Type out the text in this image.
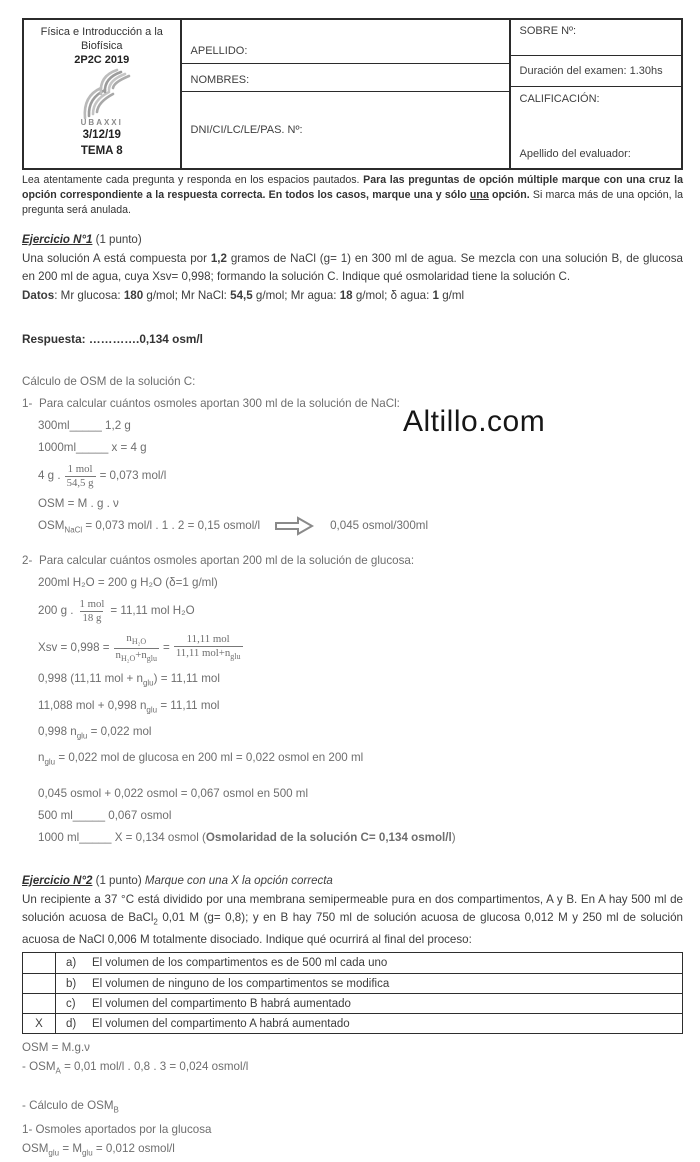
Física e Introducción a la
Biofísica
2P2C 2019
UBAXXI
3/12/19
TEMA 8
APELLIDO:
NOMBRES:
DNI/CI/LC/LE/PAS. Nº:
SOBRE Nº:
Duración del examen: 1.30hs
CALIFICACIÓN:
Apellido del evaluador:

Lea atentamente cada pregunta y responda en los espacios pautados. Para las preguntas de opción múltiple marque con una cruz la opción correspondiente a la respuesta correcta. En todos los casos, marque una y sólo una opción. Si marca más de una opción, la pregunta será anulada.

Ejercicio N°1 (1 punto)

Una solución A está compuesta por 1,2 gramos de NaCl (g= 1) en 300 ml de agua. Se mezcla con una solución B, de glucosa en 200 ml de agua, cuya Xsv= 0,998; formando la solución C. Indique qué osmolaridad tiene la solución C.

Datos: Mr glucosa: 180 g/mol; Mr NaCl: 54,5 g/mol; Mr agua: 18 g/mol; δ agua: 1 g/ml

Respuesta: ………….0,134 osm/l

Cálculo de OSM de la solución C:

1- Para calcular cuántos osmoles aportan 300 ml de la solución de NaCl:

300ml_____ 1,2 g

1000ml_____ x = 4 g

4 g . $\frac{\text{1 mol}}{54,5 g} = 0,073$ mol/l

OSM = M . g . ν

$OSM_{NaCl} = 0,073$ mol/l . 1 . 2 = 0,15 osmol/l	0,045 osmol/300ml

2- Para calcular cuántos osmoles aportan 200 ml de la solución de glucosa:

200ml H₂O = 200 g H₂O (δ=1 g/ml)

200 g . $\frac{\text{1 mol}}{18 g} = 11,11$ mol H₂O
Xsv = $0,998 = \frac{n_{H_2O}}{n_{H_2O}+n_{glu}} = \frac{\text{11,11 mol}}{11,11 mol+n_{glu}}$

0,998 (11,11 mol + $n_{glu}) = 11,11$ mol

11,088 mol + 0,998 $n_{glu} = 11,11$ mol

0,998 $n_{glu} = 0,022$ mol

$n_{glu} = 0,022$ mol de glucosa en 200 ml = 0,022 osmol en 200 ml

0,045 osmol + 0,022 osmol = 0,067 osmol en 500 ml

500 ml_____ 0,067 osmol

1000 ml_____ X = 0,134 osmol (Osmolaridad de la solución C= 0,134 osmol/l)

Ejercicio N°2 (1 punto) Marque con una X la opción correcta

Un recipiente a 37 °C está dividido por una membrana semipermeable pura en dos compartimentos, A y B. En A hay 500 ml de solución acuosa de BaCl$_2$ 0,01 M (g= 0,8); y en B hay 750 ml de solución acuosa de glucosa 0,012 M y 250 ml de solución acuosa de NaCl 0,006 M totalmente disociado. Indique qué ocurrirá al final del proceso:

a)	El volumen de los compartimentos es de 500 ml cada uno
b)	El volumen de ninguno de los compartimentos se modifica
c)	El volumen del compartimento B habrá aumentado
X	d)	El volumen del compartimento A habrá aumentado

OSM = M.g.ν

- $OSM_A = 0,01$ mol/l . 0,8 . 3 = 0,024 osmol/l

- Cálculo de $OSM_B$

1- Osmoles aportados por la glucosa

$OSM_{glu} = M_{glu} = 0,012$ osmol/l

Altillo.com
